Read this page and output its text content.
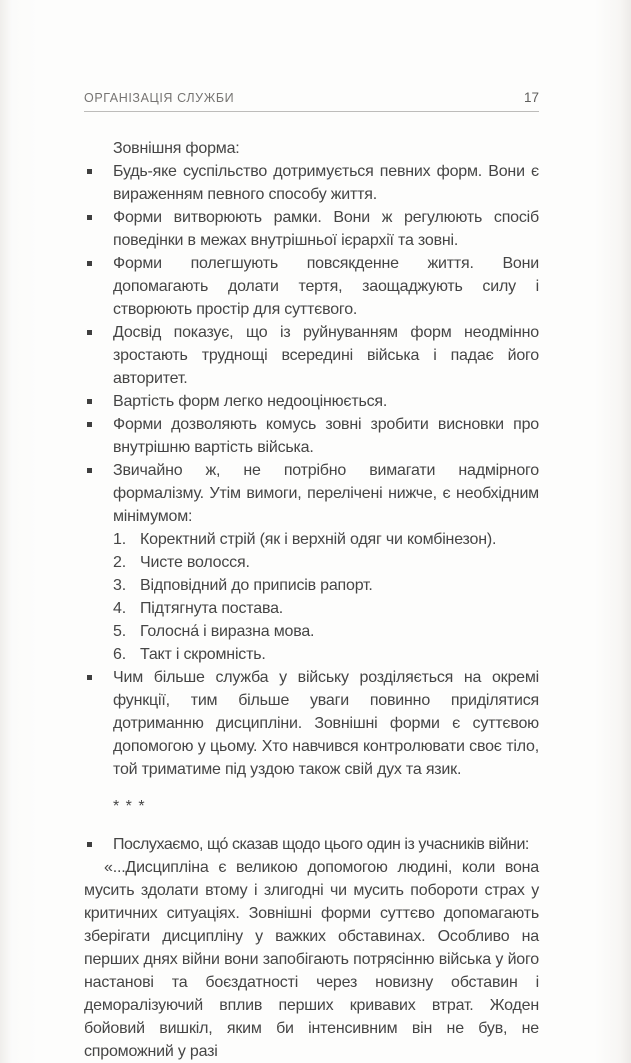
ОРГАНІЗАЦІЯ СЛУЖБИ	17

Зовнішня форма:

Будь-яке суспільство дотримується певних форм. Вони є вираженням певного способу життя.
Форми витворюють рамки. Вони ж регулюють спосіб поведінки в межах внутрішньої ієрархії та зовні.
Форми полегшують повсякденне життя. Вони допомагають долати тертя, заощаджують силу і створюють простір для суттєвого.
Досвід показує, що із руйнуванням форм неодмінно зростають труднощі всередині війська і падає його авторитет.
Вартість форм легко недооцінюється.
Форми дозволяють комусь зовні зробити висновки про внутрішню вартість війська.
Звичайно ж, не потрібно вимагати надмірного формалізму. Утім вимоги, перелічені нижче, є необхідним мінімумом:
1. Коректний стрій (як і верхній одяг чи комбінезон).
2. Чисте волосся.
3. Відповідний до приписів рапорт.
4. Підтягнута постава.
5. Голосна́ і виразна мова.
6. Такт і скромність.
Чим більше служба у війську розділяється на окремі функції, тим більше уваги повинно приділятися дотриманню дисципліни. Зовнішні форми є суттєвою допомогою у цьому. Хто навчився контролювати своє тіло, той триматиме під уздою також свій дух та язик.

* * *

Послухаємо, що́ сказав щодо цього один із учасників війни:

«...Дисципліна є великою допомогою людині, коли вона мусить здолати втому і злигодні чи мусить побороти страх у критичних ситуаціях. Зовнішні форми суттєво допомагають зберігати дисципліну у важких обставинах. Особливо на перших днях війни вони запобігають потрясінню війська у його настанові та боєздатності через новизну обставин і деморалізуючий вплив перших кривавих втрат. Жоден бойовий вишкіл, яким би інтенсивним він не був, не спроможний у разі
